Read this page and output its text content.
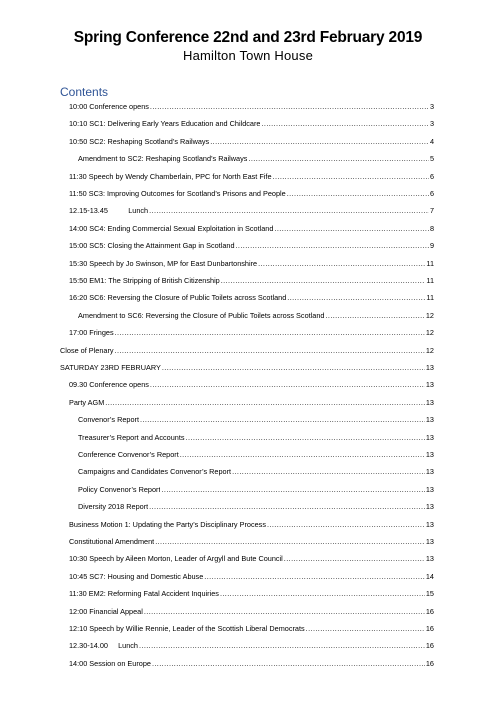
Spring Conference 22nd and 23rd February 2019
Hamilton Town House
Contents
10:00 Conference opens .....	3
10:10 SC1: Delivering Early Years Education and Childcare .....	3
10:50 SC2: Reshaping Scotland’s Railways .....	4
Amendment to SC2: Reshaping Scotland’s Railways .....	5
11:30 Speech by Wendy Chamberlain, PPC for North East Fife .....	6
11:50 SC3: Improving Outcomes for Scotland’s Prisons and People .....	6
12.15-13.45          Lunch .....	7
14:00 SC4: Ending Commercial Sexual Exploitation in Scotland .....	8
15:00 SC5: Closing the Attainment Gap in Scotland .....	9
15:30 Speech by Jo Swinson, MP for East Dunbartonshire .....	11
15:50 EM1: The Stripping of British Citizenship .....	11
16:20 SC6: Reversing the Closure of Public Toilets across Scotland .....	11
Amendment to SC6: Reversing the Closure of Public Toilets across Scotland .....	12
17:00 Fringes .....	12
Close of Plenary .....	12
SATURDAY 23RD FEBRUARY .....	13
09.30 Conference opens .....	13
Party AGM .....	13
Convenor’s Report .....	13
Treasurer’s Report and Accounts .....	13
Conference Convenor’s Report .....	13
Campaigns and Candidates Convenor’s Report .....	13
Policy Convenor’s Report .....	13
Diversity 2018 Report .....	13
Business Motion 1: Updating the Party’s Disciplinary Process .....	13
Constitutional Amendment .....	13
10:30 Speech by Aileen Morton, Leader of Argyll and Bute Council .....	13
10:45 SC7: Housing and Domestic Abuse .....	14
11:30 EM2: Reforming Fatal Accident Inquiries .....	15
12:00 Financial Appeal .....	16
12:10 Speech by Willie Rennie, Leader of the Scottish Liberal Democrats .....	16
12.30-14.00     Lunch .....	16
14:00 Session on Europe .....	16
